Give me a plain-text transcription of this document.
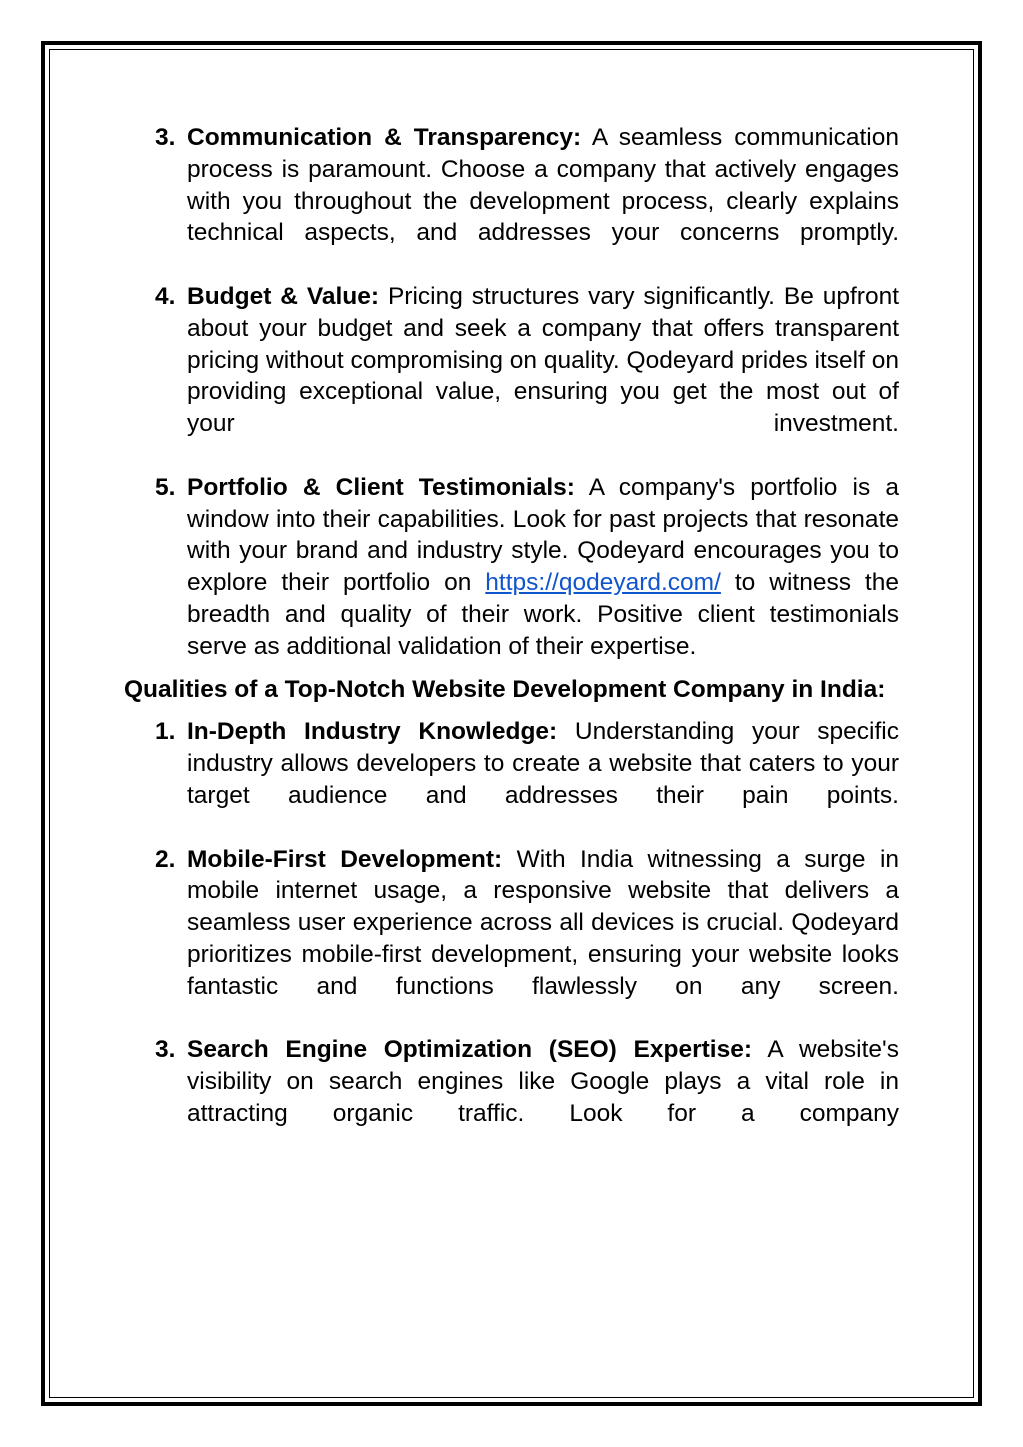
3. Communication & Transparency: A seamless communication process is paramount. Choose a company that actively engages with you throughout the development process, clearly explains technical aspects, and addresses your concerns promptly.
4. Budget & Value: Pricing structures vary significantly. Be upfront about your budget and seek a company that offers transparent pricing without compromising on quality. Qodeyard prides itself on providing exceptional value, ensuring you get the most out of your investment.
5. Portfolio & Client Testimonials: A company's portfolio is a window into their capabilities. Look for past projects that resonate with your brand and industry style. Qodeyard encourages you to explore their portfolio on https://qodeyard.com/ to witness the breadth and quality of their work. Positive client testimonials serve as additional validation of their expertise.
Qualities of a Top-Notch Website Development Company in India:
1. In-Depth Industry Knowledge: Understanding your specific industry allows developers to create a website that caters to your target audience and addresses their pain points.
2. Mobile-First Development: With India witnessing a surge in mobile internet usage, a responsive website that delivers a seamless user experience across all devices is crucial. Qodeyard prioritizes mobile-first development, ensuring your website looks fantastic and functions flawlessly on any screen.
3. Search Engine Optimization (SEO) Expertise: A website's visibility on search engines like Google plays a vital role in attracting organic traffic. Look for a company
